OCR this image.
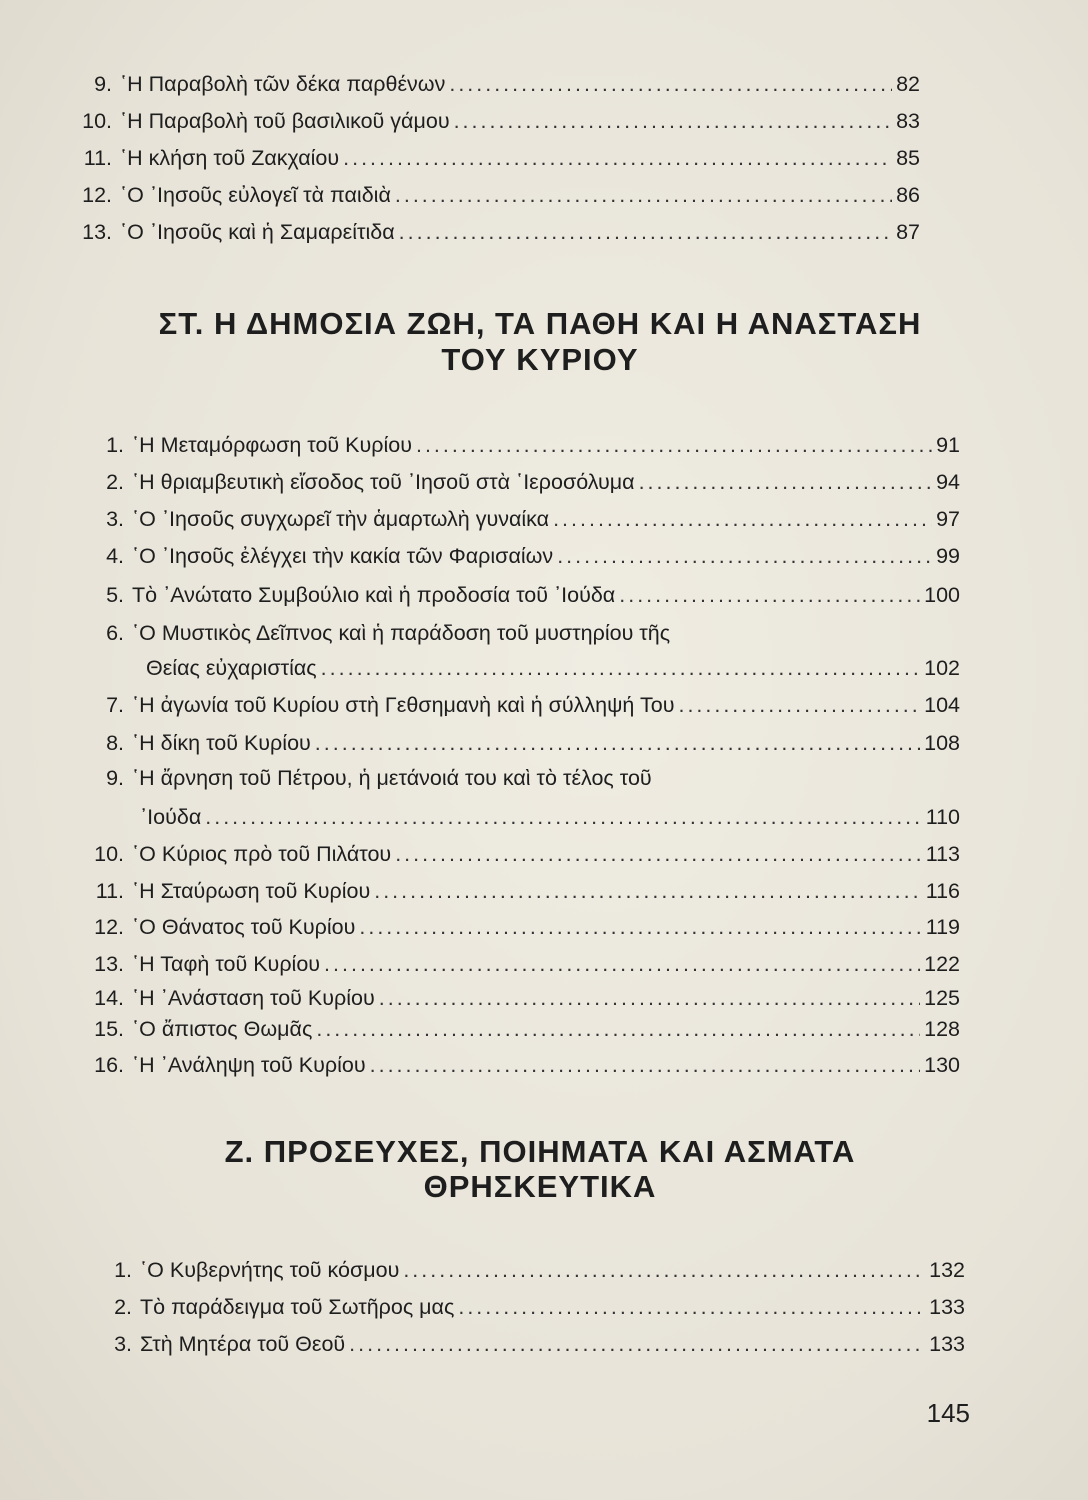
9. ῾Η Παραβολὴ τῶν δέκα παρθένων .....	82
10. ῾Η Παραβολὴ τοῦ βασιλικοῦ γάμου .....	83
11. ῾Η κλήση τοῦ Ζακχαίου .....	85
12. ῾Ο ᾿Ιησοῦς εὐλογεῖ τὰ παιδιὰ .....	86
13. ῾Ο ᾿Ιησοῦς καὶ ἡ Σαμαρείτιδα .....	87
ΣΤ. Η ΔΗΜΟΣΙΑ ΖΩΗ, ΤΑ ΠΑΘΗ ΚΑΙ Η ΑΝΑΣΤΑΣΗ
ΤΟΥ ΚΥΡΙΟΥ
1. ῾Η Μεταμόρφωση τοῦ Κυρίου .....	91
2. ῾Η θριαμβευτικὴ εἴσοδος τοῦ ᾿Ιησοῦ στὰ ῾Ιεροσόλυμα .....	94
3. ῾Ο ᾿Ιησοῦς συγχωρεῖ τὴν ἁμαρτωλὴ γυναίκα .....	97
4. ῾Ο ᾿Ιησοῦς ἐλέγχει τὴν κακία τῶν Φαρισαίων .....	99
5. Τὸ ᾿Ανώτατο Συμβούλιο καὶ ἡ προδοσία τοῦ ᾿Ιούδα .....	100
6. ῾Ο Μυστικὸς Δεῖπνος καὶ ἡ παράδοση τοῦ μυστηρίου τῆς
Θείας εὐχαριστίας .....	102
7. ῾Η ἀγωνία τοῦ Κυρίου στὴ Γεθσημανὴ καὶ ἡ σύλληψή Του .....	104
8. ῾Η δίκη τοῦ Κυρίου .....	108
9. ῾Η ἄρνηση τοῦ Πέτρου, ἡ μετάνοιά του καὶ τὸ τέλος τοῦ
᾿Ιούδα .....	110
10. ῾Ο Κύριος πρὸ τοῦ Πιλάτου .....	113
11. ῾Η Σταύρωση τοῦ Κυρίου .....	116
12. ῾Ο Θάνατος τοῦ Κυρίου .....	119
13. ῾Η Ταφὴ τοῦ Κυρίου .....	122
14. ῾Η ᾿Ανάσταση τοῦ Κυρίου .....	125
15. ῾Ο ἄπιστος Θωμᾶς .....	128
16. ῾Η ᾿Ανάληψη τοῦ Κυρίου .....	130
Ζ. ΠΡΟΣΕΥΧΕΣ, ΠΟΙΗΜΑΤΑ ΚΑΙ ΑΣΜΑΤΑ
ΘΡΗΣΚΕΥΤΙΚΑ
1. ῾Ο Κυβερνήτης τοῦ κόσμου .....	132
2. Τὸ παράδειγμα τοῦ Σωτῆρος μας .....	133
3. Στὴ Μητέρα τοῦ Θεοῦ .....	133
145
